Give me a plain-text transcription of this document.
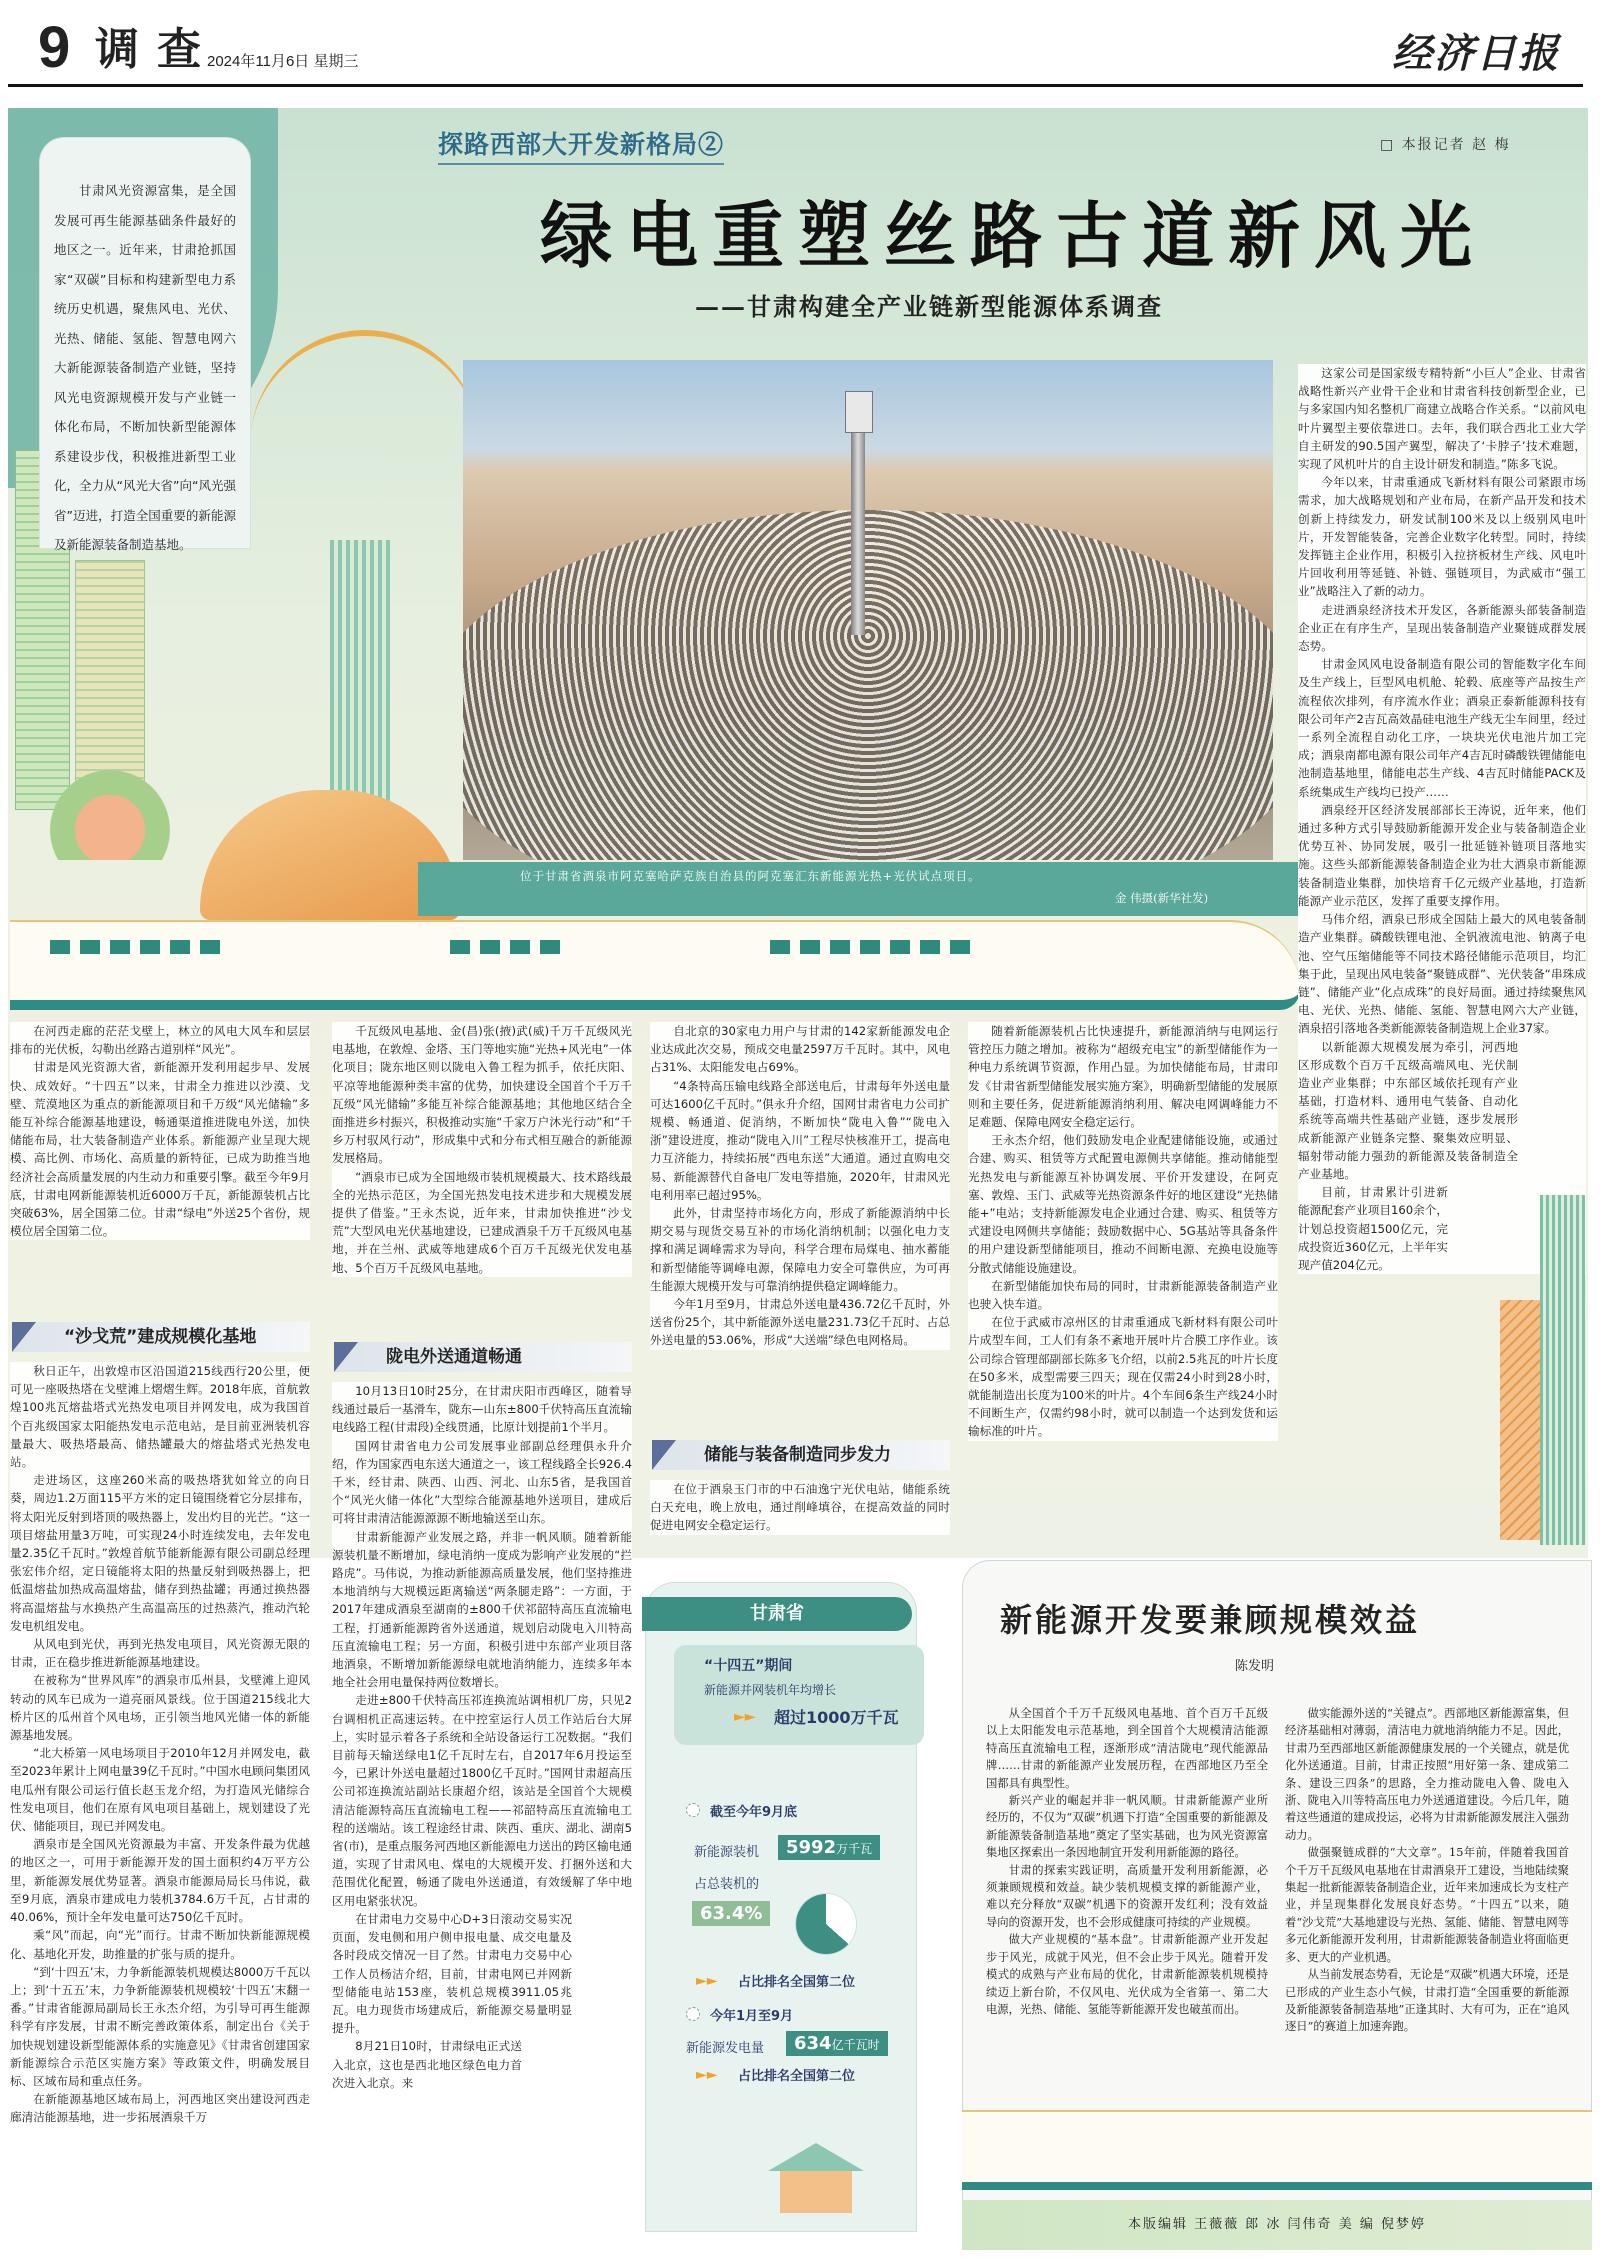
9 调查
2024年11月6日 星期三	经济日报
甘肃风光资源富集，是全国发展可再生能源基础条件最好的地区之一。近年来，甘肃抢抓国家“双碳”目标和构建新型电力系统历史机遇，聚焦风电、光伏、光热、储能、氢能、智慧电网六大新能源装备制造产业链，坚持风光电资源规模开发与产业链一体化布局，不断加快新型能源体系建设步伐，积极推进新型工业化，全力从“风光大省”向“风光强省”迈进，打造全国重要的新能源及新能源装备制造基地。
探路西部大开发新格局②	□ 本报记者 赵 梅
绿电重塑丝路古道新风光
——甘肃构建全产业链新型能源体系调查
位于甘肃省酒泉市阿克塞哈萨克族自治县的阿克塞汇东新能源光热+光伏试点项目。
金 伟摄(新华社发)

这家公司是国家级专精特新“小巨人”企业、甘肃省战略性新兴产业骨干企业和甘肃省科技创新型企业，已与多家国内知名整机厂商建立战略合作关系。“以前风电叶片翼型主要依靠进口。去年，我们联合西北工业大学自主研发的90.5国产翼型，解决了‘卡脖子’技术难题，实现了风机叶片的自主设计研发和制造。”陈多飞说。

今年以来，甘肃重通成飞新材料有限公司紧跟市场需求，加大战略规划和产业布局，在新产品开发和技术创新上持续发力，研发试制100米及以上级别风电叶片，开发智能装备，完善企业数字化转型。同时，持续发挥链主企业作用，积极引入拉挤板材生产线、风电叶片回收利用等延链、补链、强链项目，为武威市“强工业”战略注入了新的动力。

走进酒泉经济技术开发区，各新能源头部装备制造企业正在有序生产，呈现出装备制造产业聚链成群发展态势。

甘肃金风风电设备制造有限公司的智能数字化车间及生产线上，巨型风电机舱、轮毂、底座等产品按生产流程依次排列，有序流水作业；酒泉正泰新能源科技有限公司年产2吉瓦高效晶硅电池生产线无尘车间里，经过一系列全流程自动化工序，一块块光伏电池片加工完成；酒泉南都电源有限公司年产4吉瓦时磷酸铁锂储能电池制造基地里，储能电芯生产线、4吉瓦时储能PACK及系统集成生产线均已投产……

酒泉经开区经济发展部部长王涛说，近年来，他们通过多种方式引导鼓励新能源开发企业与装备制造企业优势互补、协同发展，吸引一批延链补链项目落地实施。这些头部新能源装备制造企业为壮大酒泉市新能源装备制造业集群，加快培育千亿元级产业基地，打造新能源产业示范区，发挥了重要支撑作用。

马伟介绍，酒泉已形成全国陆上最大的风电装备制造产业集群。磷酸铁锂电池、全钒液流电池、钠离子电池、空气压缩储能等不同技术路径储能示范项目，均汇集于此，呈现出风电装备“聚链成群”、光伏装备“串珠成链”、储能产业“化点成珠”的良好局面。通过持续聚焦风电、光伏、光热、储能、氢能、智慧电网六大产业链，酒泉招引落地各类新能源装备制造规上企业37家。

以新能源大规模发展为牵引，河西地区形成数个百万千瓦级高端风电、光伏制造业产业集群；中东部区域依托现有产业基础，打造材料、通用电气装备、自动化系统等高端共性基础产业链，逐步发展形成新能源产业链条完整、聚集效应明显、辐射带动能力强劲的新能源及装备制造全产业基地。

目前，甘肃累计引进新能源配套产业项目160余个，计划总投资超1500亿元，完成投资近360亿元，上半年实现产值204亿元。

在河西走廊的茫茫戈壁上，林立的风电大风车和层层排布的光伏板，勾勒出丝路古道别样“风光”。

甘肃是风光资源大省，新能源开发利用起步早、发展快、成效好。“十四五”以来，甘肃全力推进以沙漠、戈壁、荒漠地区为重点的新能源项目和千万级“风光储输”多能互补综合能源基地建设，畅通渠道推进陇电外送，加快储能布局，壮大装备制造产业体系。新能源产业呈现大规模、高比例、市场化、高质量的新特征，已成为助推当地经济社会高质量发展的内生动力和重要引擎。截至今年9月底，甘肃电网新能源装机近6000万千瓦，新能源装机占比突破63%，居全国第二位。甘肃“绿电”外送25个省份，规模位居全国第二位。

“沙戈荒”建成规模化基地

秋日正午，出敦煌市区沿国道215线西行20公里，便可见一座吸热塔在戈壁滩上熠熠生辉。2018年底，首航敦煌100兆瓦熔盐塔式光热发电项目并网发电，成为我国首个百兆级国家太阳能热发电示范电站，是目前亚洲装机容量最大、吸热塔最高、储热罐最大的熔盐塔式光热发电站。

走进场区，这座260米高的吸热塔犹如耸立的向日葵，周边1.2万面115平方米的定日镜围绕着它分层排布，将太阳光反射到塔顶的吸热器上，发出灼目的光芒。“这一项目熔盐用量3万吨，可实现24小时连续发电，去年发电量2.35亿千瓦时。”敦煌首航节能新能源有限公司副总经理张宏伟介绍，定日镜能将太阳的热量反射到吸热器上，把低温熔盐加热成高温熔盐，储存到热盐罐；再通过换热器将高温熔盐与水换热产生高温高压的过热蒸汽，推动汽轮发电机组发电。

从风电到光伏，再到光热发电项目，风光资源无限的甘肃，正在稳步推进新能源基地建设。

在被称为“世界风库”的酒泉市瓜州县，戈壁滩上迎风转动的风车已成为一道亮丽风景线。位于国道215线北大桥片区的瓜州首个风电场，正引领当地风光储一体的新能源基地发展。

“北大桥第一风电场项目于2010年12月并网发电，截至2023年累计上网电量39亿千瓦时。”中国水电顾问集团风电瓜州有限公司运行值长赵玉龙介绍，为打造风光储综合性发电项目，他们在原有风电项目基础上，规划建设了光伏、储能项目，现已并网发电。

酒泉市是全国风光资源最为丰富、开发条件最为优越的地区之一，可用于新能源开发的国土面积约4万平方公里，新能源发展优势显著。酒泉市能源局局长马伟说，截至9月底，酒泉市建成电力装机3784.6万千瓦，占甘肃的40.06%，预计全年发电量可达750亿千瓦时。

乘“风”而起，向“光”而行。甘肃不断加快新能源规模化、基地化开发，助推量的扩张与质的提升。

“到‘十四五’末，力争新能源装机规模达8000万千瓦以上；到‘十五五’末，力争新能源装机规模较‘十四五’末翻一番。”甘肃省能源局副局长王永杰介绍，为引导可再生能源科学有序发展，甘肃不断完善政策体系，制定出台《关于加快规划建设新型能源体系的实施意见》《甘肃省创建国家新能源综合示范区实施方案》等政策文件，明确发展目标、区域布局和重点任务。

在新能源基地区域布局上，河西地区突出建设河西走廊清洁能源基地，进一步拓展酒泉千万

千瓦级风电基地、金(昌)张(掖)武(威)千万千瓦级风光电基地，在敦煌、金塔、玉门等地实施“光热+风光电”一体化项目；陇东地区则以陇电入鲁工程为抓手，依托庆阳、平凉等地能源种类丰富的优势，加快建设全国首个千万千瓦级“风光储输”多能互补综合能源基地；其他地区结合全面推进乡村振兴，积极推动实施“千家万户沐光行动”和“千乡万村驭风行动”，形成集中式和分布式相互融合的新能源发展格局。

“酒泉市已成为全国地级市装机规模最大、技术路线最全的光热示范区，为全国光热发电技术进步和大规模发展提供了借鉴。”王永杰说，近年来，甘肃加快推进“沙戈荒”大型风电光伏基地建设，已建成酒泉千万千瓦级风电基地，并在兰州、武威等地建成6个百万千瓦级光伏发电基地、5个百万千瓦级风电基地。

陇电外送通道畅通

10月13日10时25分，在甘肃庆阳市西峰区，随着导线通过最后一基滑车，陇东—山东±800千伏特高压直流输电线路工程(甘肃段)全线贯通，比原计划提前1个半月。

国网甘肃省电力公司发展事业部副总经理俱永升介绍，作为国家西电东送大通道之一，该工程线路全长926.4千米，经甘肃、陕西、山西、河北、山东5省，是我国首个“风光火储一体化”大型综合能源基地外送项目，建成后可将甘肃清洁能源源源不断地输送至山东。

甘肃新能源产业发展之路，并非一帆风顺。随着新能源装机量不断增加，绿电消纳一度成为影响产业发展的“拦路虎”。马伟说，为推动新能源高质量发展，他们坚持推进本地消纳与大规模远距离输送“两条腿走路”：一方面，于2017年建成酒泉至湖南的±800千伏祁韶特高压直流输电工程，打通新能源跨省外送通道，规划启动陇电入川特高压直流输电工程；另一方面，积极引进中东部产业项目落地酒泉，不断增加新能源绿电就地消纳能力，连续多年本地全社会用电量保持两位数增长。

走进±800千伏特高压祁连换流站调相机厂房，只见2台调相机正高速运转。在中控室运行人员工作站后台大屏上，实时显示着各子系统和全站设备运行工况数据。“我们目前每天输送绿电1亿千瓦时左右，自2017年6月投运至今，已累计外送电量超过1800亿千瓦时。”国网甘肃超高压公司祁连换流站副站长康超介绍，该站是全国首个大规模清洁能源特高压直流输电工程——祁韶特高压直流输电工程的送端站。该工程途经甘肃、陕西、重庆、湖北、湖南5省(市)，是重点服务河西地区新能源电力送出的跨区输电通道，实现了甘肃风电、煤电的大规模开发、打捆外送和大范围优化配置，畅通了陇电外送通道，有效缓解了华中地区用电紧张状况。

在甘肃电力交易中心D+3日滚动交易实况页面，发电侧和用户侧申报电量、成交电量及各时段成交情况一目了然。甘肃电力交易中心工作人员杨洁介绍，目前，甘肃电网已并网新型储能电站153座，装机总规模3911.05兆瓦。电力现货市场建成后，新能源交易量明显提升。

8月21日10时，甘肃绿电正式送入北京，这也是西北地区绿色电力首次进入北京。来

自北京的30家电力用户与甘肃的142家新能源发电企业达成此次交易，预成交电量2597万千瓦时。其中，风电占31%、太阳能发电占69%。

“4条特高压输电线路全部送电后，甘肃每年外送电量可达1600亿千瓦时。”俱永升介绍，国网甘肃省电力公司扩规模、畅通道、促消纳，不断加快“陇电入鲁”“陇电入浙”建设进度，推动“陇电入川”工程尽快核准开工，提高电力互济能力，持续拓展“西电东送”大通道。通过直购电交易、新能源替代自备电厂发电等措施，2020年，甘肃风光电利用率已超过95%。

此外，甘肃坚持市场化方向，形成了新能源消纳中长期交易与现货交易互补的市场化消纳机制；以强化电力支撑和满足调峰需求为导向，科学合理布局煤电、抽水蓄能和新型储能等调峰电源，保障电力安全可靠供应，为可再生能源大规模开发与可靠消纳提供稳定调峰能力。

今年1月至9月，甘肃总外送电量436.72亿千瓦时，外送省份25个，其中新能源外送电量231.73亿千瓦时、占总外送电量的53.06%，形成“大送端”绿色电网格局。

储能与装备制造同步发力

在位于酒泉玉门市的中石油逸宁光伏电站，储能系统白天充电，晚上放电，通过削峰填谷，在提高效益的同时促进电网安全稳定运行。

随着新能源装机占比快速提升，新能源消纳与电网运行管控压力随之增加。被称为“超级充电宝”的新型储能作为一种电力系统调节资源，作用凸显。为加快储能布局，甘肃印发《甘肃省新型储能发展实施方案》，明确新型储能的发展原则和主要任务，促进新能源消纳利用、解决电网调峰能力不足难题、保障电网安全稳定运行。

王永杰介绍，他们鼓励发电企业配建储能设施，或通过合建、购买、租赁等方式配置电源侧共享储能。推动储能型光热发电与新能源互补协调发展、平价开发建设，在阿克塞、敦煌、玉门、武威等光热资源条件好的地区建设“光热储能+”电站；支持新能源发电企业通过合建、购买、租赁等方式建设电网侧共享储能；鼓励数据中心、5G基站等具备条件的用户建设新型储能项目，推动不间断电源、充换电设施等分散式储能设施建设。

在新型储能加快布局的同时，甘肃新能源装备制造产业也驶入快车道。

在位于武威市凉州区的甘肃重通成飞新材料有限公司叶片成型车间，工人们有条不紊地开展叶片合膜工序作业。该公司综合管理部副部长陈多飞介绍，以前2.5兆瓦的叶片长度在50多米，成型需要三四天；现在仅需24小时到28小时，就能制造出长度为100米的叶片。4个车间6条生产线24小时不间断生产，仅需约98小时，就可以制造一个达到发货和运输标准的叶片。

甘肃省
“十四五”期间
新能源并网装机年均增长
►► 超过1000万千瓦
截至今年9月底
新能源装机	5992万千瓦
占总装机的
63.4%
►► 占比排名全国第二位
今年1月至9月
新能源发电量	634亿千瓦时
►► 占比排名全国第二位
新能源开发要兼顾规模效益
陈发明

从全国首个千万千瓦级风电基地、首个百万千瓦级以上太阳能发电示范基地，到全国首个大规模清洁能源特高压直流输电工程，逐渐形成“清洁陇电”现代能源品牌……甘肃的新能源产业发展历程，在西部地区乃至全国都具有典型性。

新兴产业的崛起并非一帆风顺。甘肃新能源产业所经历的，不仅为“双碳”机遇下打造“全国重要的新能源及新能源装备制造基地”奠定了坚实基础，也为风光资源富集地区探索出一条因地制宜开发利用新能源的路径。

甘肃的探索实践证明，高质量开发利用新能源，必须兼顾规模和效益。缺少装机规模支撑的新能源产业，难以充分释放“双碳”机遇下的资源开发红利；没有效益导向的资源开发，也不会形成健康可持续的产业规模。

做大产业规模的“基本盘”。甘肃新能源产业开发起步于风光，成就于风光，但不会止步于风光。随着开发模式的成熟与产业布局的优化，甘肃新能源装机规模持续迈上新台阶，不仅风电、光伏成为全省第一、第二大电源，光热、储能、氢能等新能源开发也破茧而出。

做实能源外送的“关键点”。西部地区新能源富集，但经济基础相对薄弱，清洁电力就地消纳能力不足。因此，甘肃乃至西部地区新能源健康发展的一个关键点，就是优化外送通道。目前，甘肃正按照“用好第一条、建成第二条、建设三四条”的思路，全力推动陇电入鲁、陇电入浙、陇电入川等特高压电力外送通道建设。今后几年，随着这些通道的建成投运，必将为甘肃新能源发展注入强劲动力。

做强聚链成群的“大文章”。15年前，伴随着我国首个千万千瓦级风电基地在甘肃酒泉开工建设，当地陆续聚集起一批新能源装备制造企业，近年来加速成长为支柱产业，并呈现集群化发展良好态势。“十四五”以来，随着“沙戈荒”大基地建设与光热、氢能、储能、智慧电网等多元化新能源开发利用，甘肃新能源装备制造业将面临更多、更大的产业机遇。

从当前发展态势看，无论是“双碳”机遇大环境，还是已形成的产业生态小气候，甘肃打造“全国重要的新能源及新能源装备制造基地”正逢其时、大有可为，正在“追风逐日”的赛道上加速奔跑。

本版编辑 王薇薇 郎 冰 闫伟奇 美 编 倪梦婷
